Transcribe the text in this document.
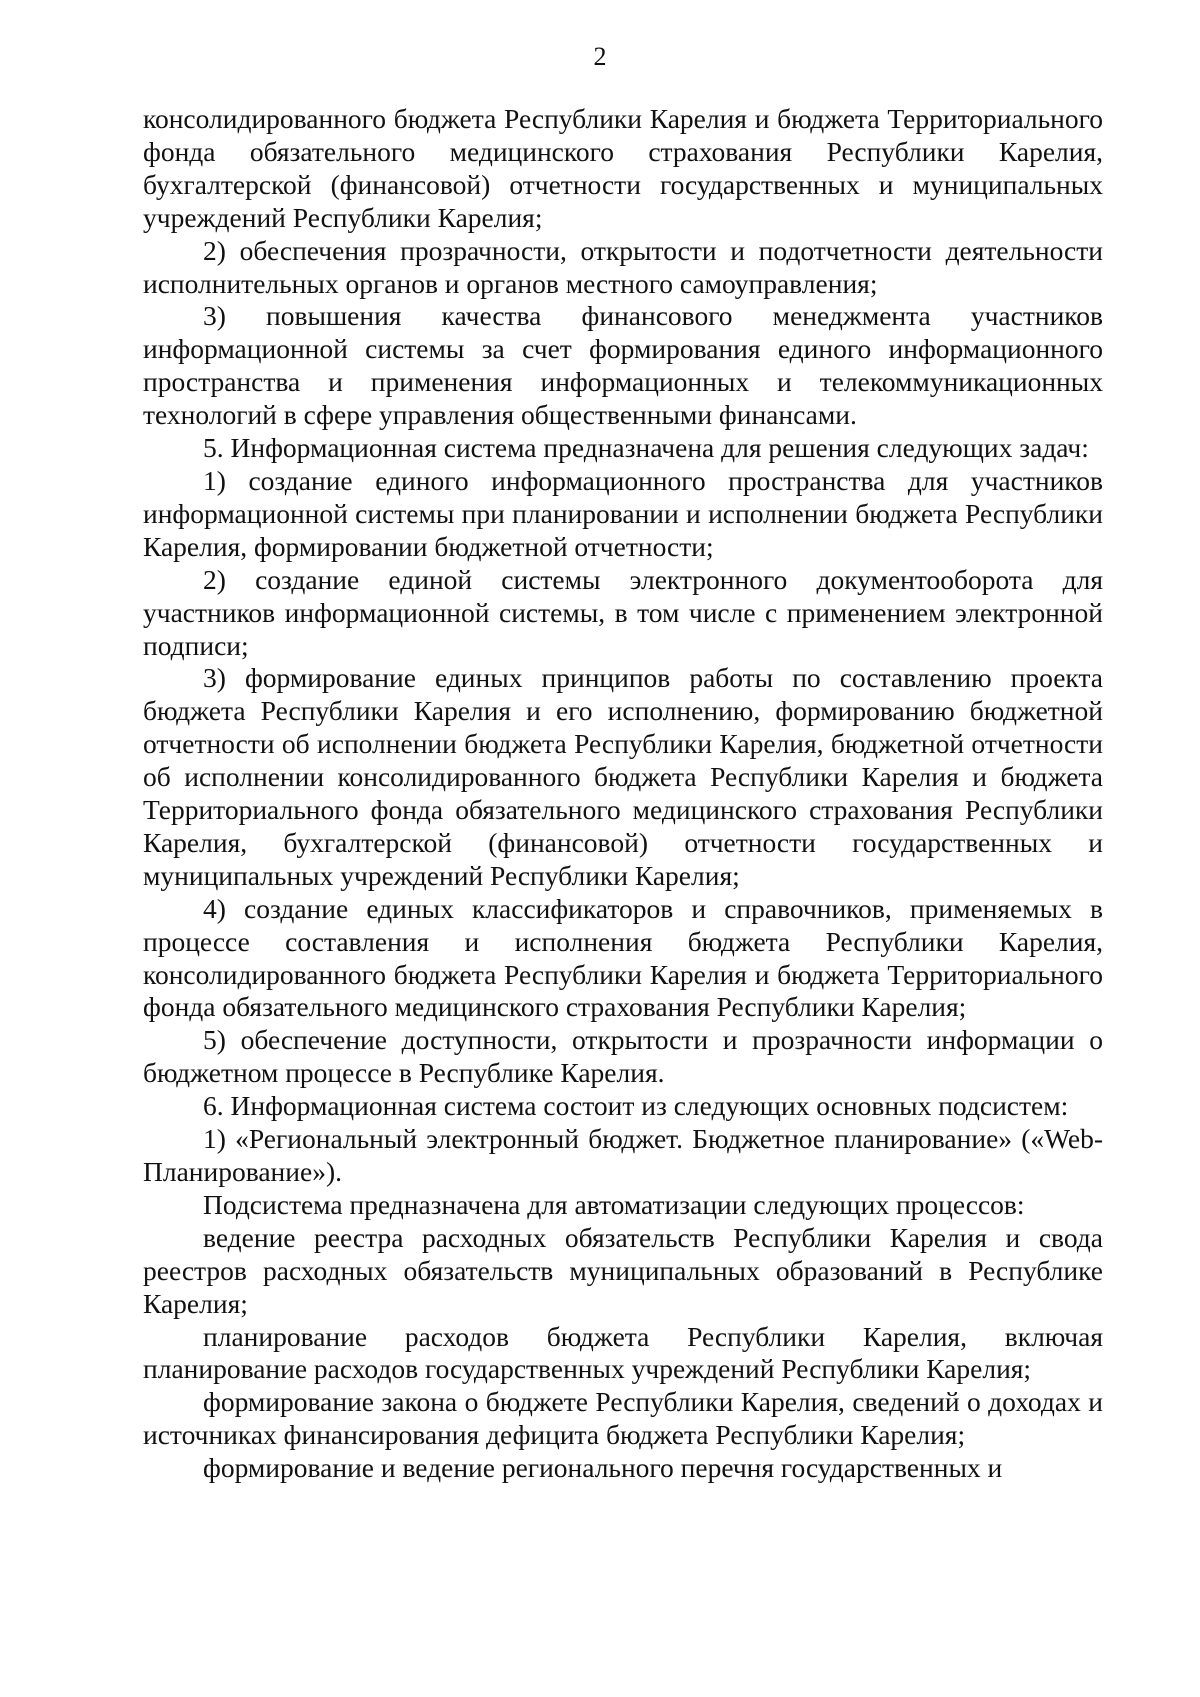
2

консолидированного бюджета Республики Карелия и бюджета Территориального фонда обязательного медицинского страхования Республики Карелия, бухгалтерской (финансовой) отчетности государственных и муниципальных учреждений Республики Карелия;

2) обеспечения прозрачности, открытости и подотчетности деятельности исполнительных органов и органов местного самоуправления;

3) повышения качества финансового менеджмента участников информационной системы за счет формирования единого информационного пространства и применения информационных и телекоммуникационных технологий в сфере управления общественными финансами.

5. Информационная система предназначена для решения следующих задач:

1) создание единого информационного пространства для участников информационной системы при планировании и исполнении бюджета Республики Карелия, формировании бюджетной отчетности;

2) создание единой системы электронного документооборота для участников информационной системы, в том числе с применением электронной подписи;

3) формирование единых принципов работы по составлению проекта бюджета Республики Карелия и его исполнению, формированию бюджетной отчетности об исполнении бюджета Республики Карелия, бюджетной отчетности об исполнении консолидированного бюджета Республики Карелия и бюджета Территориального фонда обязательного медицинского страхования Республики Карелия, бухгалтерской (финансовой) отчетности государственных и муниципальных учреждений Республики Карелия;

4) создание единых классификаторов и справочников, применяемых в процессе составления и исполнения бюджета Республики Карелия, консолидированного бюджета Республики Карелия и бюджета Территориального фонда обязательного медицинского страхования Республики Карелия;

5) обеспечение доступности, открытости и прозрачности информации о бюджетном процессе в Республике Карелия.

6. Информационная система состоит из следующих основных подсистем:

1) «Региональный электронный бюджет. Бюджетное планирование» («Web-Планирование»).

Подсистема предназначена для автоматизации следующих процессов:

ведение реестра расходных обязательств Республики Карелия и свода реестров расходных обязательств муниципальных образований в Республике Карелия;

планирование расходов бюджета Республики Карелия, включая планирование расходов государственных учреждений Республики Карелия;

формирование закона о бюджете Республики Карелия, сведений о доходах и источниках финансирования дефицита бюджета Республики Карелия;

формирование и ведение регионального перечня государственных и
